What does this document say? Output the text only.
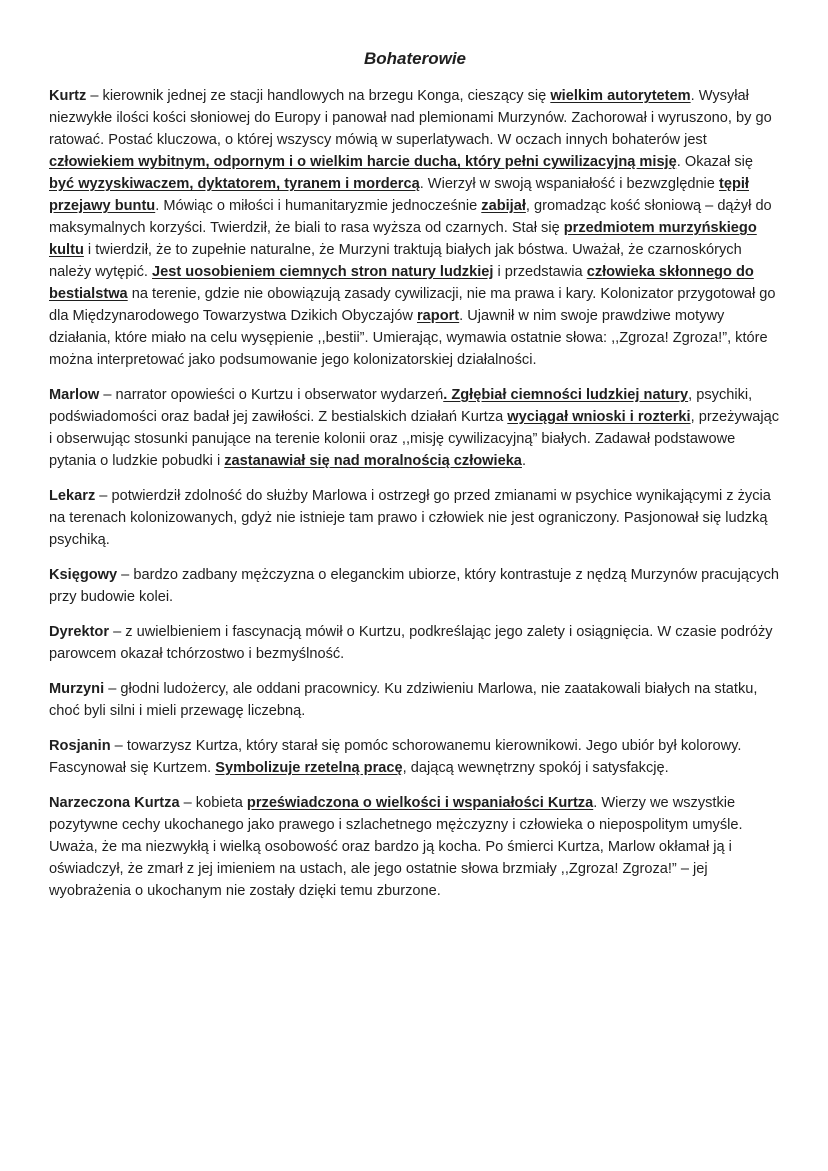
Bohaterowie

Kurtz – kierownik jednej ze stacji handlowych na brzegu Konga, cieszący się wielkim autorytetem. Wysyłał niezwykłe ilości kości słoniowej do Europy i panował nad plemionami Murzynów. Zachorował i wyruszono, by go ratować. Postać kluczowa, o której wszyscy mówią w superlatywach. W oczach innych bohaterów jest człowiekiem wybitnym, odpornym i o wielkim harcie ducha, który pełni cywilizacyjną misję. Okazał się być wyzyskiwaczem, dyktatorem, tyranem i mordercą. Wierzył w swoją wspaniałość i bezwzględnie tępił przejawy buntu. Mówiąc o miłości i humanitaryzmie jednocześnie zabijał, gromadząc kość słoniową – dążył do maksymalnych korzyści. Twierdził, że biali to rasa wyższa od czarnych. Stał się przedmiotem murzyńskiego kultu i twierdził, że to zupełnie naturalne, że Murzyni traktują białych jak bóstwa. Uważał, że czarnoskórych należy wytępić. Jest uosobieniem ciemnych stron natury ludzkiej i przedstawia człowieka skłonnego do bestialstwa na terenie, gdzie nie obowiązują zasady cywilizacji, nie ma prawa i kary. Kolonizator przygotował go dla Międzynarodowego Towarzystwa Dzikich Obyczajów raport. Ujawnił w nim swoje prawdziwe motywy działania, które miało na celu wysępienie ,,bestii”. Umierając, wymawia ostatnie słowa: ,,Zgroza! Zgroza!”, które można interpretować jako podsumowanie jego kolonizatorskiej działalności.

Marlow – narrator opowieści o Kurtzu i obserwator wydarzeń. Zgłębiał ciemności ludzkiej natury, psychiki, podświadomości oraz badał jej zawiłości. Z bestialskich działań Kurtza wyciągał wnioski i rozterki, przeżywając i obserwując stosunki panujące na terenie kolonii oraz ,,misję cywilizacyjną” białych. Zadawał podstawowe pytania o ludzkie pobudki i zastanawiał się nad moralnością człowieka.

Lekarz – potwierdził zdolność do służby Marlowa i ostrzegł go przed zmianami w psychice wynikającymi z życia na terenach kolonizowanych, gdyż nie istnieje tam prawo i człowiek nie jest ograniczony. Pasjonował się ludzką psychiką.

Księgowy – bardzo zadbany mężczyzna o eleganckim ubiorze, który kontrastuje z nędzą Murzynów pracujących przy budowie kolei.

Dyrektor – z uwielbieniem i fascynacją mówił o Kurtzu, podkreślając jego zalety i osiągnięcia. W czasie podróży parowcem okazał tchórzostwo i bezmyślność.

Murzyni – głodni ludożercy, ale oddani pracownicy. Ku zdziwieniu Marlowa, nie zaatakowali białych na statku, choć byli silni i mieli przewagę liczebną.

Rosjanin – towarzysz Kurtza, który starał się pomóc schorowanemu kierownikowi. Jego ubiór był kolorowy. Fascynował się Kurtzem. Symbolizuje rzetelną pracę, dającą wewnętrzny spokój i satysfakcję.

Narzeczona Kurtza – kobieta przeświadczona o wielkości i wspaniałości Kurtza. Wierzy we wszystkie pozytywne cechy ukochanego jako prawego i szlachetnego mężczyzny i człowieka o niepospolitym umyśle. Uważa, że ma niezwykłą i wielką osobowość oraz bardzo ją kocha. Po śmierci Kurtza, Marlow okłamał ją i oświadczył, że zmarł z jej imieniem na ustach, ale jego ostatnie słowa brzmiały ,,Zgroza! Zgroza!” – jej wyobrażenia o ukochanym nie zostały dzięki temu zburzone.
